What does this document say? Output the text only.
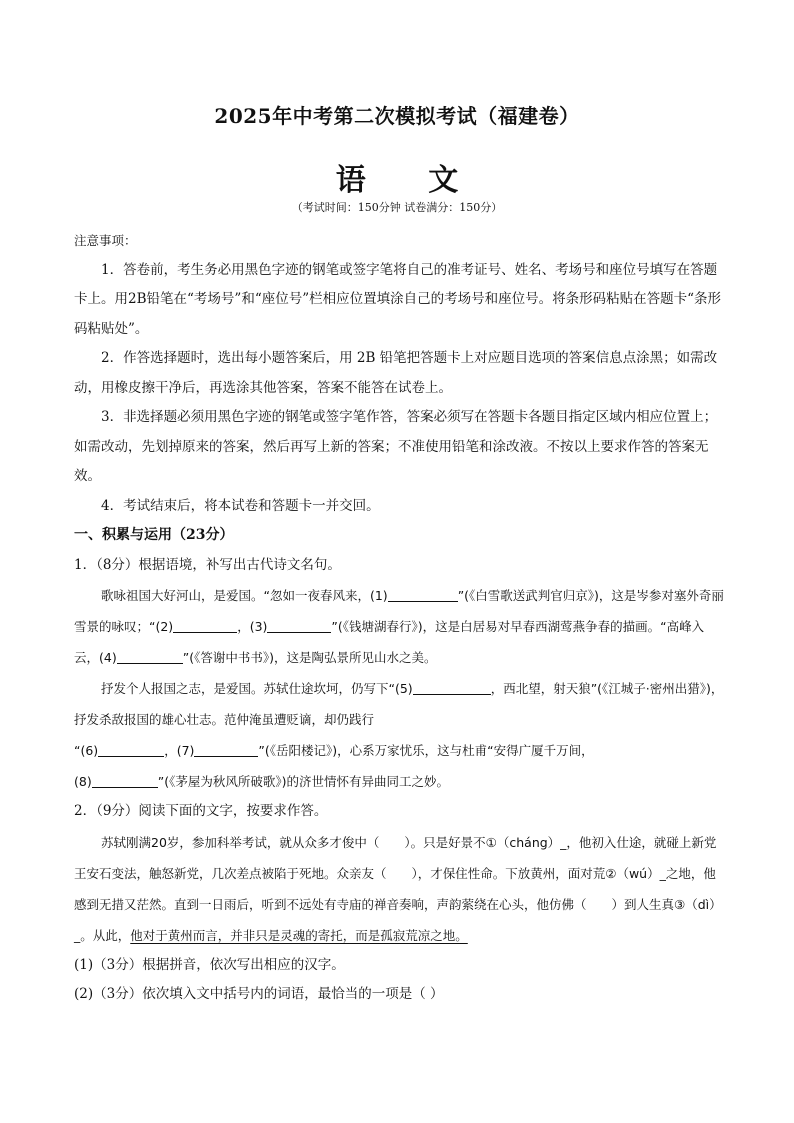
2025年中考第二次模拟考试（福建卷）
语 文
（考试时间：150分钟 试卷满分：150分）

注意事项：

1．答卷前，考生务必用黑色字迹的钢笔或签字笔将自己的准考证号、姓名、考场号和座位号填写在答题卡上。用2B铅笔在“考场号”和“座位号”栏相应位置填涂自己的考场号和座位号。将条形码粘贴在答题卡“条形码粘贴处”。

2．作答选择题时，选出每小题答案后，用 2B 铅笔把答题卡上对应题目选项的答案信息点涂黑；如需改动，用橡皮擦干净后，再选涂其他答案，答案不能答在试卷上。

3．非选择题必须用黑色字迹的钢笔或签字笔作答，答案必须写在答题卡各题目指定区域内相应位置上；如需改动，先划掉原来的答案，然后再写上新的答案；不准使用铅笔和涂改液。不按以上要求作答的答案无效。

4．考试结束后，将本试卷和答题卡一并交回。

一、积累与运用（23分）

1．（8分）根据语境，补写出古代诗文名句。

歌咏祖国大好河山，是爱国。“忽如一夜春风来，(1)	”(《白雪歌送武判官归京》)，这是岑参对塞外奇丽雪景的咏叹；“(2)	，(3)	”(《钱塘湖春行》)，这是白居易对早春西湖莺燕争春的描画。“高峰入云，(4)	”(《答谢中书书》)，这是陶弘景所见山水之美。

抒发个人报国之志，是爱国。苏轼仕途坎坷，仍写下“(5)	，西北望，射天狼”(《江城子·密州出猎》)，抒发杀敌报国的雄心壮志。范仲淹虽遭贬谪，却仍践行

“(6)	，(7)	”(《岳阳楼记》)，心系万家忧乐，这与杜甫“安得广厦千万间，

(8)	”(《茅屋为秋风所破歌》)的济世情怀有异曲同工之妙。

2．（9分）阅读下面的文字，按要求作答。

苏轼刚满20岁，参加科举考试，就从众多才俊中（　　）。只是好景不①（cháng）_，他初入仕途，就碰上新党王安石变法，触怒新党，几次差点被陷于死地。众亲友（　　），才保住性命。下放黄州，面对荒②（wú）_之地，他感到无措又茫然。直到一日雨后，听到不远处有寺庙的禅音奏响，声韵萦绕在心头，他仿佛（　　）到人生真③（dì）_。从此，他对于黄州而言，并非只是灵魂的寄托，而是孤寂荒凉之地。

(1)（3分）根据拼音，依次写出相应的汉字。

(2)（3分）依次填入文中括号内的词语，最恰当的一项是（ ）
